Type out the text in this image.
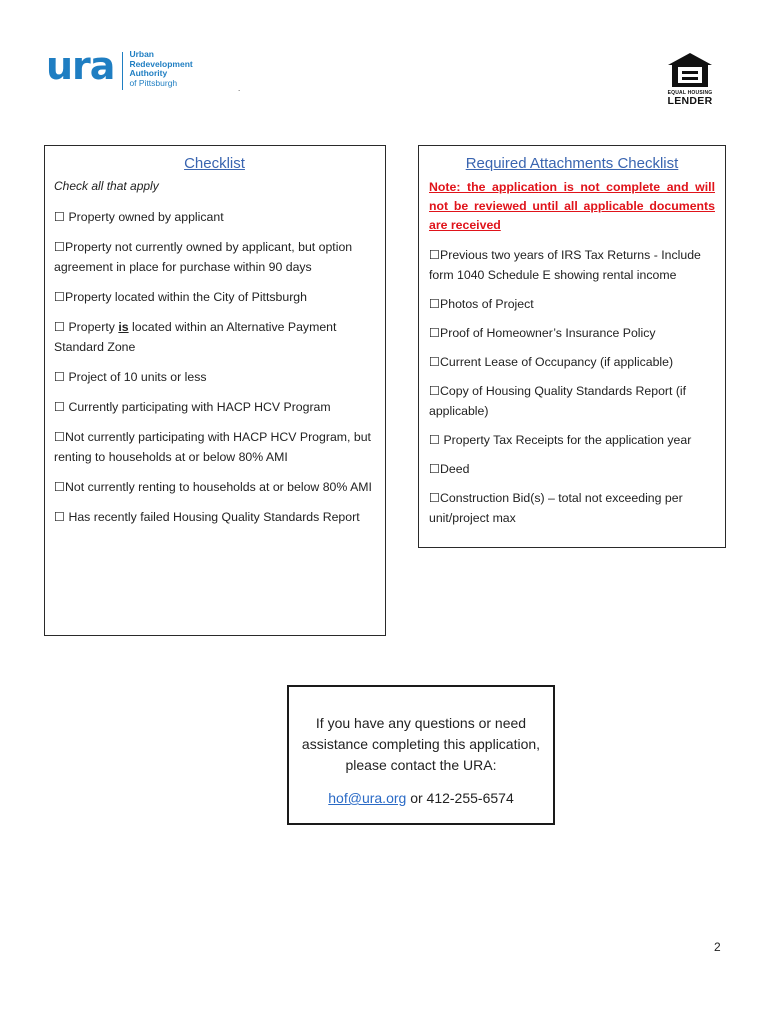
ura Urban
Redevelopment
Authority
of Pittsburgh
.	EQUAL HOUSING
LENDER
Checklist
Check all that apply
☐ Property owned by applicant
☐Property not currently owned by applicant, but option agreement in place for purchase within 90 days
☐Property located within the City of Pittsburgh
☐ Property is located within an Alternative Payment Standard Zone
☐ Project of 10 units or less
☐ Currently participating with HACP HCV Program
☐Not currently participating with HACP HCV Program, but renting to households at or below 80% AMI
☐Not currently renting to households at or below 80% AMI
☐ Has recently failed Housing Quality Standards Report
Required Attachments Checklist
Note: the application is not complete and will not be reviewed until all applicable documents are received
☐Previous two years of IRS Tax Returns - Include form 1040 Schedule E showing rental income
☐Photos of Project
☐Proof of Homeowner’s Insurance Policy
☐Current Lease of Occupancy (if applicable)
☐Copy of Housing Quality Standards Report (if applicable)
☐ Property Tax Receipts for the application year
☐Deed
☐Construction Bid(s) – total not exceeding per unit/project max
If you have any questions or need
assistance completing this application,
please contact the URA:
hof@ura.org or 412-255-6574
2
